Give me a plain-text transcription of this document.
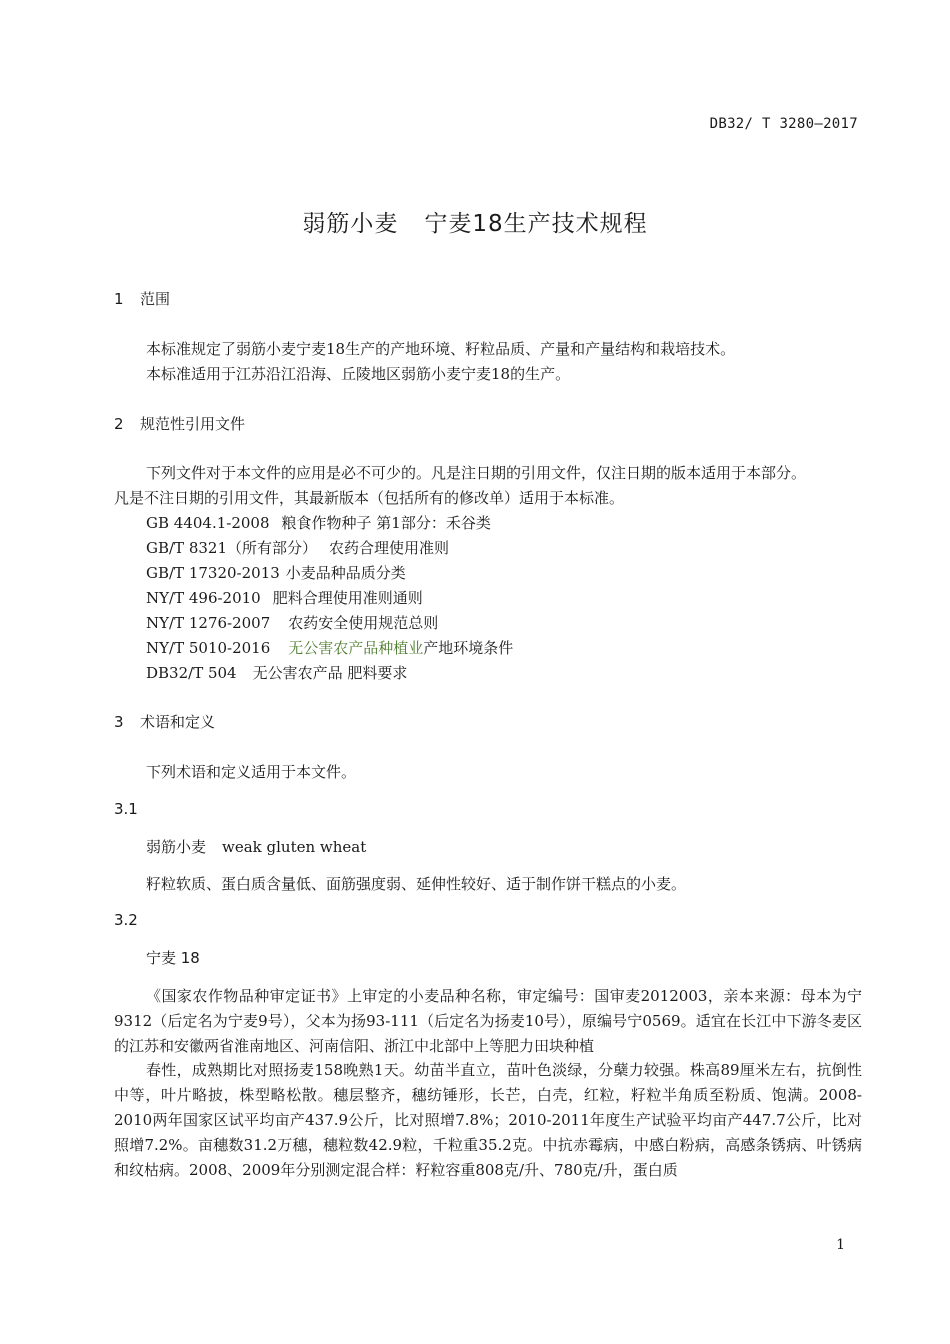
DB32/ T 3280—2017
弱筋小麦 宁麦18生产技术规程
1 范围
本标准规定了弱筋小麦宁麦18生产的产地环境、籽粒品质、产量和产量结构和栽培技术。
本标准适用于江苏沿江沿海、丘陵地区弱筋小麦宁麦18的生产。
2 规范性引用文件
下列文件对于本文件的应用是必不可少的。凡是注日期的引用文件，仅注日期的版本适用于本部分。
凡是不注日期的引用文件，其最新版本（包括所有的修改单）适用于本标准。
GB 4404.1-2008 粮食作物种子 第1部分：禾谷类
GB/T 8321（所有部分） 农药合理使用准则
GB/T 17320-2013 小麦品种品质分类
NY/T 496-2010 肥料合理使用准则通则
NY/T 1276-2007 农药安全使用规范总则
NY/T 5010-2016 无公害农产品种植业产地环境条件
DB32/T 504 无公害农产品 肥料要求
3 术语和定义
下列术语和定义适用于本文件。
3.1
弱筋小麦 weak gluten wheat
籽粒软质、蛋白质含量低、面筋强度弱、延伸性较好、适于制作饼干糕点的小麦。
3.2
宁麦 18
《国家农作物品种审定证书》上审定的小麦品种名称，审定编号：国审麦2012003，亲本来源：母本为宁9312（后定名为宁麦9号），父本为扬93-111（后定名为扬麦10号），原编号宁0569。适宜在长江中下游冬麦区的江苏和安徽两省淮南地区、河南信阳、浙江中北部中上等肥力田块种植
春性，成熟期比对照扬麦158晚熟1天。幼苗半直立，苗叶色淡绿，分蘖力较强。株高89厘米左右，抗倒性中等，叶片略披，株型略松散。穗层整齐，穗纺锤形，长芒，白壳，红粒，籽粒半角质至粉质、饱满。2008-2010两年国家区试平均亩产437.9公斤，比对照增7.8%；2010-2011年度生产试验平均亩产447.7公斤，比对照增7.2%。亩穗数31.2万穗，穗粒数42.9粒，千粒重35.2克。中抗赤霉病，中感白粉病，高感条锈病、叶锈病和纹枯病。2008、2009年分别测定混合样：籽粒容重808克/升、780克/升，蛋白质
1
